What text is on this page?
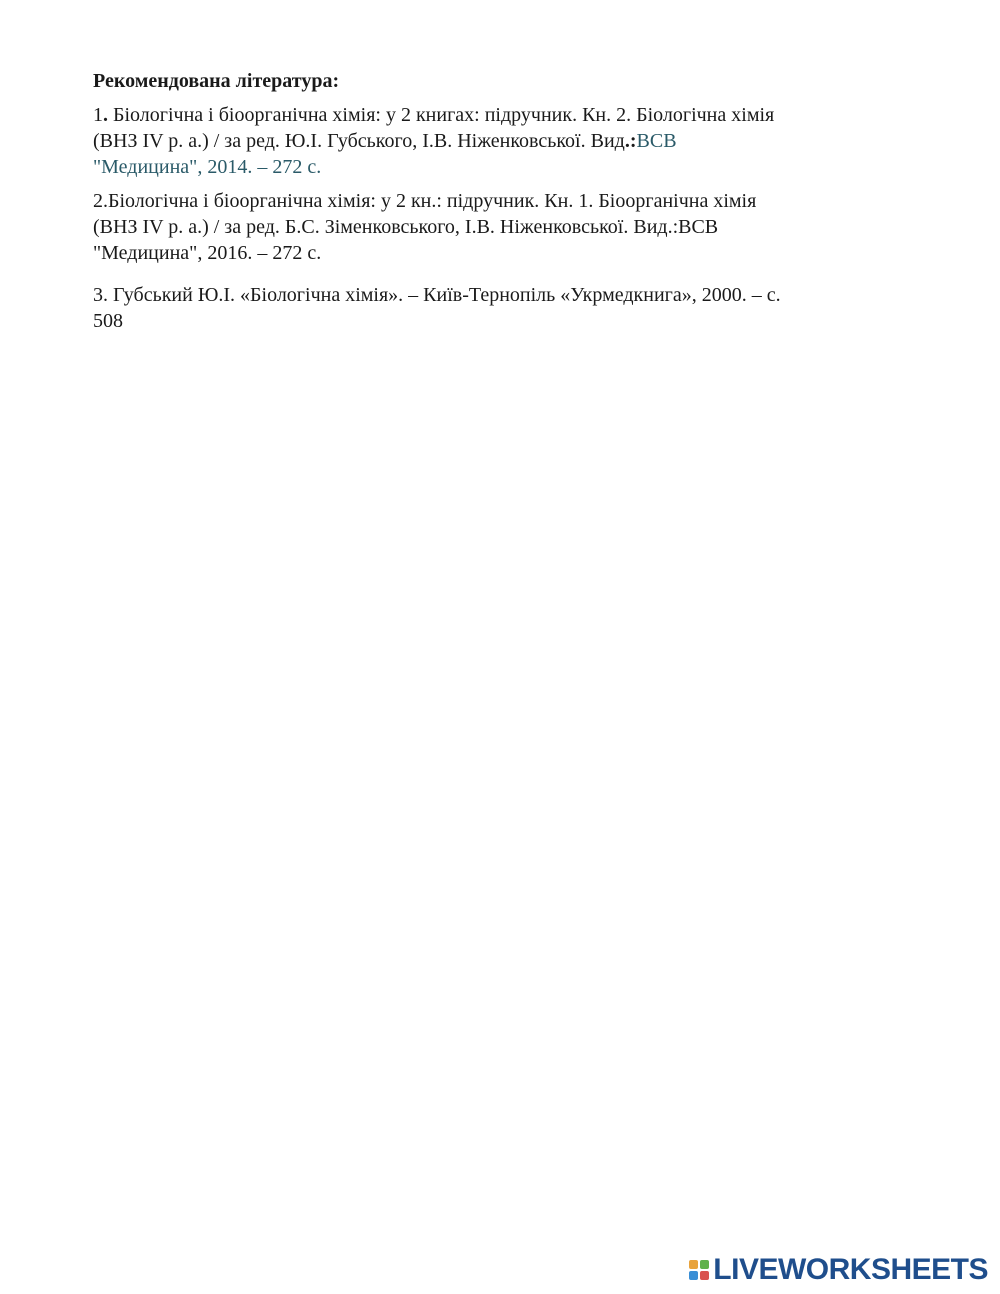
Рекомендована література:

1. Біологічна і біоорганічна хімія: у 2 книгах: підручник. Кн. 2. Біологічна хімія
(ВНЗ IV р. а.) / за ред. Ю.І. Губського, І.В. Ніженковської. Вид.:ВСВ
"Медицина", 2014. – 272 с.

2.Біологічна і біоорганічна хімія: у 2 кн.: підручник. Кн. 1. Біоорганічна хімія
(ВНЗ IV р. а.) / за ред. Б.С. Зіменковського, І.В. Ніженковської. Вид.:ВСВ
"Медицина", 2016. – 272 с.

3. Губський Ю.І. «Біологічна хімія». – Київ-Тернопіль «Укрмедкнига», 2000. – с.
508

LIVEWORKSHEETS
